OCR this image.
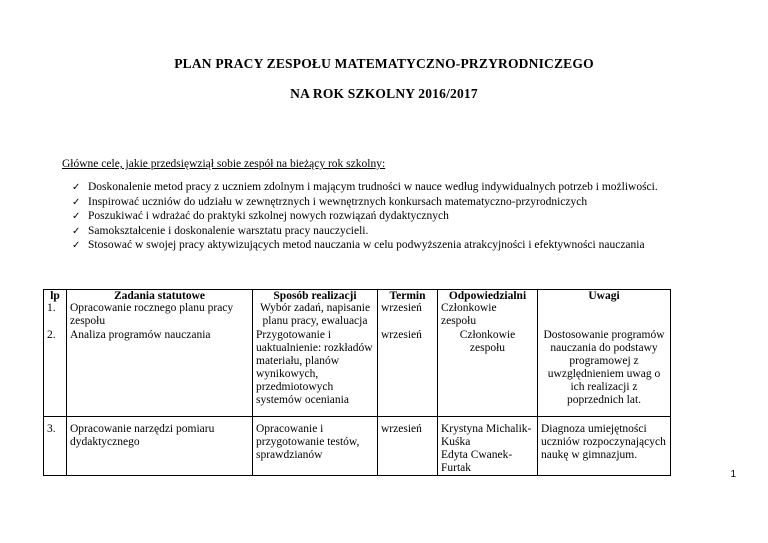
PLAN PRACY ZESPOŁU MATEMATYCZNO-PRZYRODNICZEGO
NA ROK SZKOLNY 2016/2017
Główne cele, jakie przedsięwziął sobie zespół na bieżący rok szkolny:
✓ Doskonalenie metod pracy z uczniem zdolnym i mającym trudności w nauce według indywidualnych potrzeb i możliwości.
✓ Inspirować uczniów do udziału w zewnętrznych i wewnętrznych konkursach matematyczno-przyrodniczych
✓ Poszukiwać i wdrażać do praktyki szkolnej nowych rozwiązań dydaktycznych
✓ Samokształcenie i doskonalenie warsztatu pracy nauczycieli.
✓ Stosować w swojej pracy aktywizujących metod nauczania w celu podwyższenia atrakcyjności i efektywności nauczania
lp	Zadania statutowe	Sposób realizacji	Termin	Odpowiedzialni	Uwagi
1.	Opracowanie rocznego planu pracy zespołu	Wybór zadań, napisanie planu pracy, ewaluacja	wrzesień	Członkowie zespołu	
2.	Analiza programów nauczania	Przygotowanie i uaktualnienie: rozkładów materiału, planów wynikowych, przedmiotowych systemów oceniania	wrzesień	Członkowie zespołu	Dostosowanie programów nauczania do podstawy programowej z uwzględnieniem uwag o ich realizacji z poprzednich lat.
3.	Opracowanie narzędzi pomiaru dydaktycznego	Opracowanie i przygotowanie testów, sprawdzianów	wrzesień	Krystyna Michalik-Kuśka
Edyta Cwanek-Furtak	Diagnoza umiejętności uczniów rozpoczynających naukę w gimnazjum.
1
